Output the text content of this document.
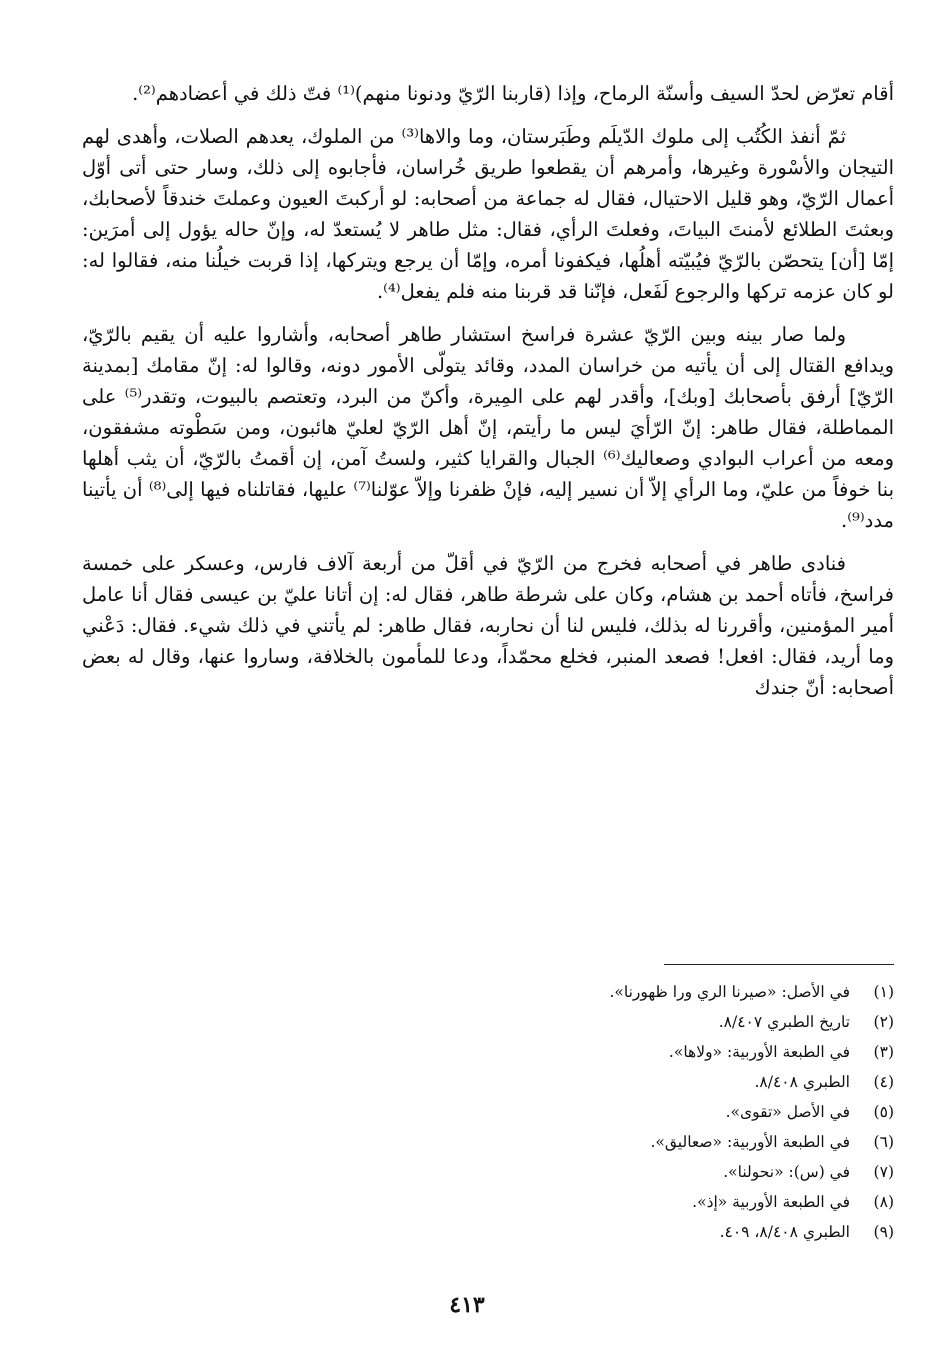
أقام تعرّض لحدّ السيف وأسنّة الرماح، وإذا (قاربنا الرّيّ ودنونا منهم)⁽¹⁾ فتّ ذلك في أعضادهم⁽²⁾.

ثمّ أنفذ الكُتُب إلى ملوك الدّيلَم وطَبَرستان، وما والاها⁽³⁾ من الملوك، يعدهم الصلات، وأهدى لهم التيجان والأسْورة وغيرها، وأمرهم أن يقطعوا طريق خُراسان، فأجابوه إلى ذلك، وسار حتى أتى أوّل أعمال الرّيّ، وهو قليل الاحتيال، فقال له جماعة من أصحابه: لو أركبتَ العيون وعملتَ خندقاً لأصحابك، وبعثتَ الطلائع لأمنتَ البياتَ، وفعلتَ الرأي، فقال: مثل طاهر لا يُستعدّ له، وإنّ حاله يؤول إلى أمرَين: إمّا [أن] يتحصّن بالرّيّ فيُبيّته أهلُها، فيكفونا أمره، وإمّا أن يرجع ويتركها، إذا قربت خيلُنا منه، فقالوا له: لو كان عزمه تركها والرجوع لَفَعل، فإنّنا قد قربنا منه فلم يفعل⁽⁴⁾.

ولما صار بينه وبين الرّيّ عشرة فراسخ استشار طاهر أصحابه، وأشاروا عليه أن يقيم بالرّيّ، ويدافع القتال إلى أن يأتيه من خراسان المدد، وقائد يتولّى الأمور دونه، وقالوا له: إنّ مقامك [بمدينة الرّيّ] أرفق بأصحابك [وبك]، وأقدر لهم على المِيرة، وأكنّ من البرد، وتعتصم بالبيوت، وتقدر⁽⁵⁾ على المماطلة، فقال طاهر: إنّ الرّأيَ ليس ما رأيتم، إنّ أهل الرّيّ لعليّ هائبون، ومن سَطْوته مشفقون، ومعه من أعراب البوادي وصعاليك⁽⁶⁾ الجبال والقرايا كثير، ولستُ آمن، إن أقمتُ بالرّيّ، أن يثب أهلها بنا خوفاً من عليّ، وما الرأي إلاّ أن نسير إليه، فإنْ ظفرنا وإلاّ عوّلنا⁽⁷⁾ عليها، فقاتلناه فيها إلى⁽⁸⁾ أن يأتينا مدد⁽⁹⁾.

فنادى طاهر في أصحابه فخرج من الرّيّ في أقلّ من أربعة آلاف فارس، وعسكر على خمسة فراسخ، فأتاه أحمد بن هشام، وكان على شرطة طاهر، فقال له: إن أتانا عليّ بن عيسى فقال أنا عامل أمير المؤمنين، وأقررنا له بذلك، فليس لنا أن نحاربه، فقال طاهر: لم يأتني في ذلك شيء. فقال: دَعْني وما أريد، فقال: افعل! فصعد المنبر، فخلع محمّداً، ودعا للمأمون بالخلافة، وساروا عنها، وقال له بعض أصحابه: أنّ جندك

(١)
في الأصل: «صيرنا الري ورا ظهورنا».
(٢)
تاريخ الطبري ٨/٤٠٧.
(٣)
في الطبعة الأوربية: «ولاها».
(٤)
الطبري ٨/٤٠٨.
(٥)
في الأصل «تقوى».
(٦)
في الطبعة الأوربية: «صعاليق».
(٧)
في (س): «نحولنا».
(٨)
في الطبعة الأوربية «إذ».
(٩)
الطبري ٨/٤٠٨، ٤٠٩.
٤١٣
